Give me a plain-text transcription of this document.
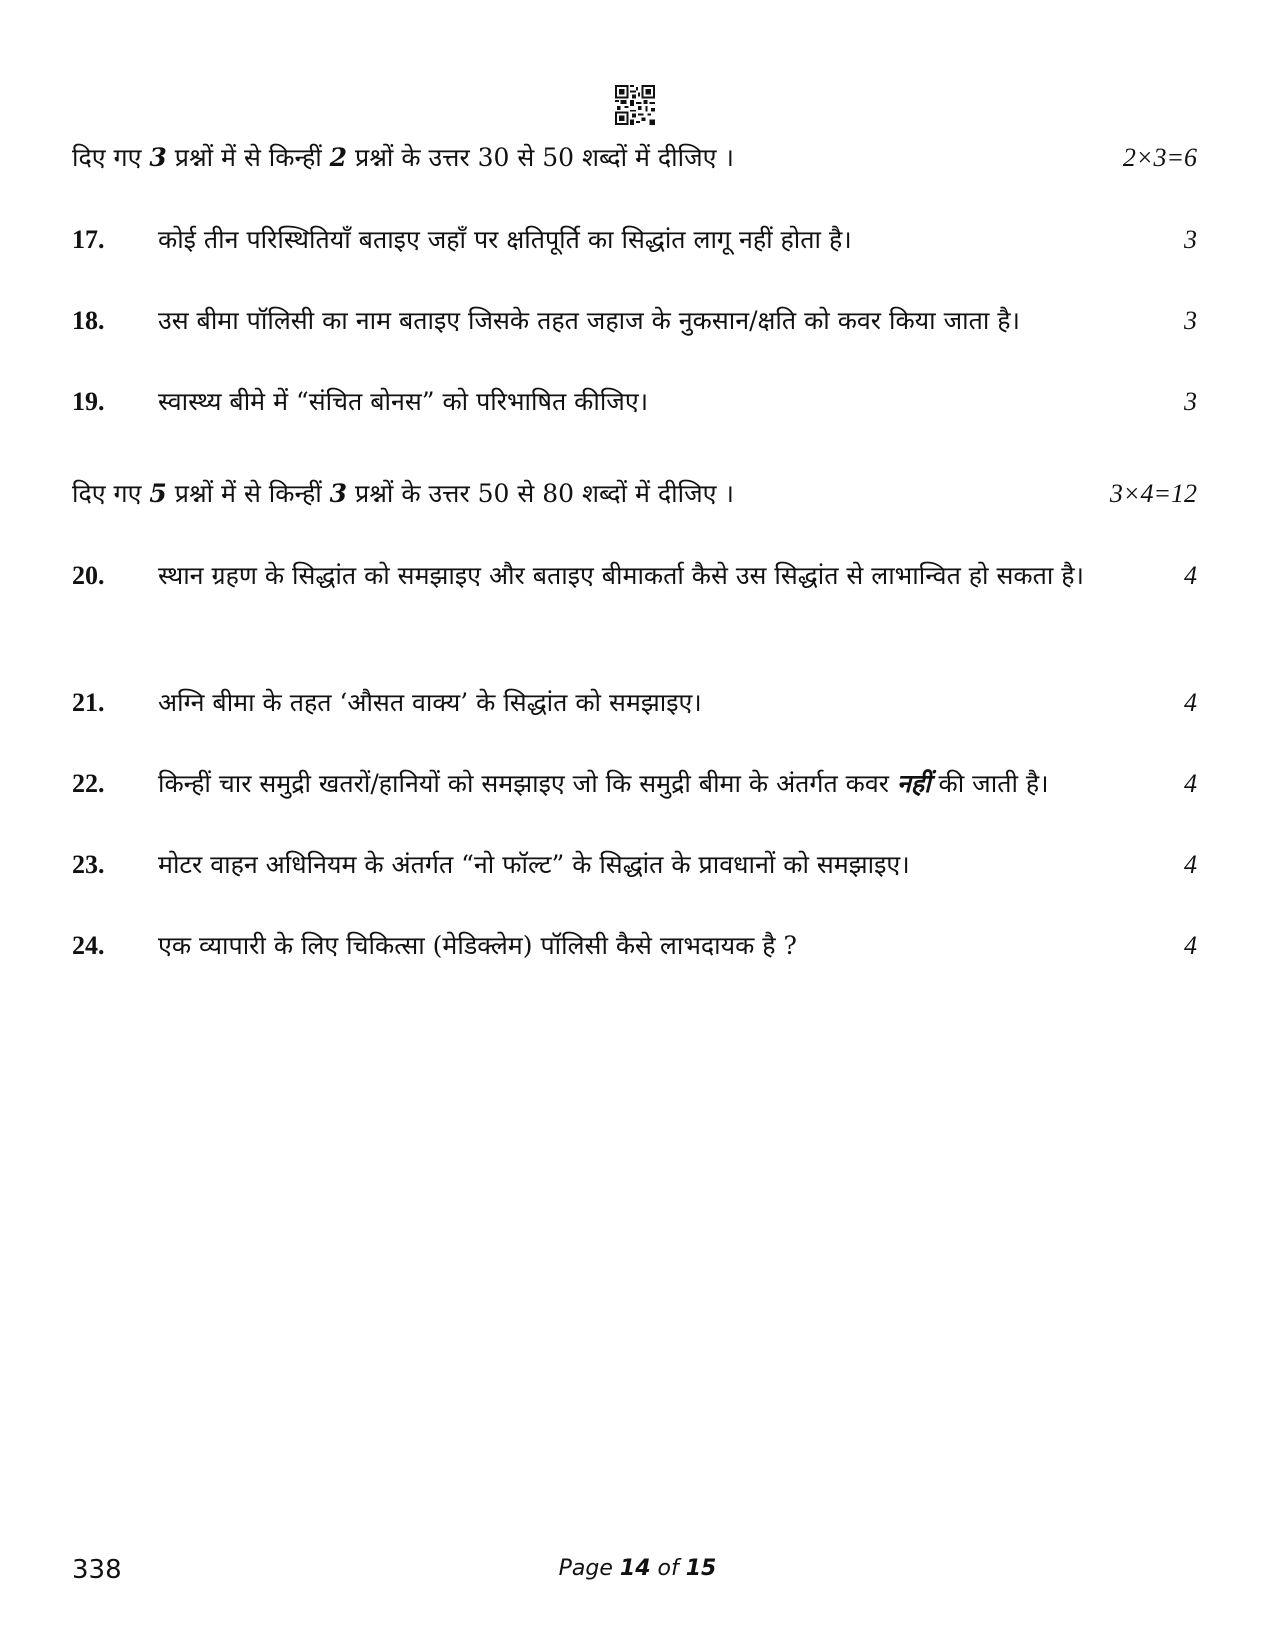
दिए गए 3 प्रश्नों में से किन्हीं 2 प्रश्नों के उत्तर 30 से 50 शब्दों में दीजिए ।	2×3=6
17. कोई तीन परिस्थितियाँ बताइए जहाँ पर क्षतिपूर्ति का सिद्धांत लागू नहीं होता है।	3
18. उस बीमा पॉलिसी का नाम बताइए जिसके तहत जहाज के नुकसान/क्षति को कवर किया जाता है।	3
19. स्वास्थ्य बीमे में “संचित बोनस” को परिभाषित कीजिए।	3
दिए गए 5 प्रश्नों में से किन्हीं 3 प्रश्नों के उत्तर 50 से 80 शब्दों में दीजिए ।	3×4=12
20. स्थान ग्रहण के सिद्धांत को समझाइए और बताइए बीमाकर्ता कैसे उस सिद्धांत से लाभान्वित हो सकता है।	4
21. अग्नि बीमा के तहत ‘औसत वाक्य’ के सिद्धांत को समझाइए।	4
22. किन्हीं चार समुद्री खतरों/हानियों को समझाइए जो कि समुद्री बीमा के अंतर्गत कवर नहीं की जाती है।	4
23. मोटर वाहन अधिनियम के अंतर्गत “नो फॉल्ट” के सिद्धांत के प्रावधानों को समझाइए।	4
24. एक व्यापारी के लिए चिकित्सा (मेडिक्लेम) पॉलिसी कैसे लाभदायक है ?	4
338	Page 14 of 15
